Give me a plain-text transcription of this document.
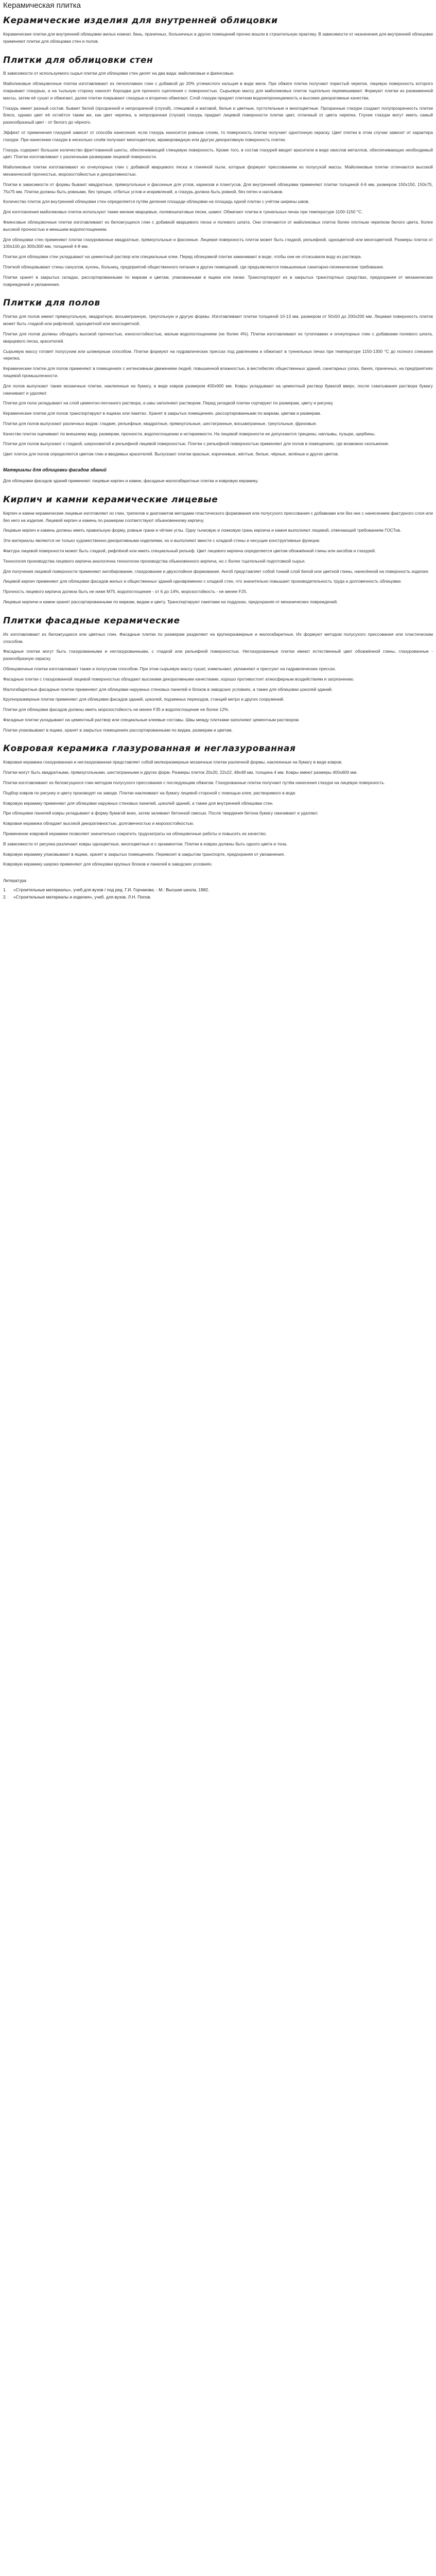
Керамическая плитка
Керамические изделия для внутренней облицовки

Керамические плитки для внутренней облицовки жилых комнат, бань, прачечных, больничных и других помещений прочно вошли в строительную практику. В зависимости от назначения для внутренней облицовки применяют плитки для облицовки стен и полов.

Плитки для облицовки стен

В зависимости от используемого сырья плитки для облицовки стен делят на два вида: майоликовые и фаянсовые.

Майоликовые облицовочные плитки изготавливают из легкоплавких глин с добавкой до 20% углекислого кальция в виде мела. При обжиге плитки получают пористый черепок, лицевую поверхность которого покрывают глазурью, а на тыльную сторону наносят бороздки для прочного сцепления с поверхностью. Сырьевую массу для майоликовых плиток тщательно перемешивают. Формуют плитки из разжиженной массы, затем её сушат и обжигают, далее плитки покрывают глазурью и вторично обжигают. Слой глазури придает плиткам водонепроницаемость и высокие декоративные качества.

Глазурь имеет разный состав: бывает белой (прозрачной и непрозрачной (глухой), глянцевой и матовой, белые и цветные, пустотельные и многоцветные. Прозрачные глазури создают полупрозрачность плитки блеск, однако цвет её остаётся таким же, как цвет черепка, а непрозрачная (глухая) глазурь придает лицевой поверхности плитки цвет, отличный от цвета черепка. Глухие глазури могут иметь самый разнообразный цвет - от белого до чёрного.

Эффект от применения глазурей зависит от способа нанесения: если глазурь наносится ровным слоем, то поверхность плитки получает однотонную окраску. Цвет плитки в этом случае зависит от характера глазури. При нанесении глазури в несколько слоёв получают многоцветную, мраморовидную или другую декоративную поверхность плитки.

Глазурь содержит большое количество фриттованной шихты, обеспечивающей глянцевую поверхность. Кроме того, в состав глазурей вводят красители в виде окислов металлов, обеспечивающих необходимый цвет. Плитки изготавливают с различными размерами лицевой поверхности.

Майоликовые плитки изготавливают из огнеупорных глин с добавкой кварцевого песка и глиняной пыли, которые формуют прессованием из полусухой массы. Майоликовые плитки отличаются высокой механической прочностью, морозостойкостью и декоративностью.

Плитки в зависимости от формы бывают квадратные, прямоугольные и фасонные для углов, карнизов и плинтусов. Для внутренней облицовки применяют плитки толщиной 4-6 мм, размером 150x150, 150x75, 75x75 мм. Плитки должны быть ровными, без трещин, отбитых углов и искривлений, а глазурь должна быть ровной, без пятен и наплывов.

Количество плиток для внутренней облицовки стен определяется путём деления площади облицовки на площадь одной плитки с учётом ширины швов.

Для изготовления майоликовых плиток используют также мелкие кварцевые, полевошпатовые пески, шамот. Обжигают плитки в туннельных печах при температуре 1100-1150 °С.

Фаянсовые облицовочные плитки изготавливают из беложгущихся глин с добавкой кварцевого песка и полевого шпата. Они отличаются от майоликовых плиток более плотным черепком белого цвета, более высокой прочностью и меньшим водопоглощением.

Для облицовки стен применяют плитки глазурованные квадратные, прямоугольные и фасонные. Лицевая поверхность плиток может быть гладкой, рельефной, одноцветной или многоцветной. Размеры плиток от 100x100 до 300x300 мм, толщиной 4-8 мм.

Плитки для облицовки стен укладывают на цементный раствор или специальные клеи. Перед облицовкой плитки замачивают в воде, чтобы они не отсасывали воду из раствора.

Плиткой облицовывают стены санузлов, кухонь, больниц, предприятий общественного питания и других помещений, где предъявляются повышенные санитарно-гигиенические требования.

Плитки хранят в закрытых складах, рассортированными по маркам и цветам, упакованными в ящики или пачки. Транспортируют их в закрытых транспортных средствах, предохраняя от механических повреждений и увлажнения.

Плитки для полов

Плитки для полов имеют прямоугольную, квадратную, восьмигранную, треугольную и другую формы. Изготавливают плитки толщиной 10-13 мм, размером от 50x50 до 200x200 мм. Лицевая поверхность плиток может быть гладкой или рифленой, одноцветной или многоцветной.

Плитки для полов должны обладать высокой прочностью, износостойкостью, малым водопоглощением (не более 4%). Плитки изготавливают из тугоплавких и огнеупорных глин с добавками полевого шпата, кварцевого песка, красителей.

Сырьевую массу готовят полусухим или шликерным способом. Плитки формуют на гидравлических прессах под давлением и обжигают в туннельных печах при температуре 1150-1300 °С до полного спекания черепка.

Керамические плитки для полов применяют в помещениях с интенсивным движением людей, повышенной влажностью, в вестибюлях общественных зданий, санитарных узлах, банях, прачечных, на предприятиях пищевой промышленности.

Для полов выпускают также мозаичные плитки, наклеенные на бумагу, в виде ковров размером 400x600 мм. Ковры укладывают на цементный раствор бумагой вверх, после схватывания раствора бумагу смачивают и удаляют.

Плитки для пола укладывают на слой цементно-песчаного раствора, а швы заполняют раствором. Перед укладкой плитки сортируют по размерам, цвету и рисунку.

Керамические плитки для полов транспортируют в ящиках или пакетах. Хранят в закрытых помещениях, рассортированными по маркам, цветам и размерам.

Плитки для полов выпускают различных видов: гладкие, рельефные, квадратные, прямоугольные, шестигранные, восьмигранные, треугольные, фризовые.

Качество плиток оценивают по внешнему виду, размерам, прочности, водопоглощению и истираемости. На лицевой поверхности не допускаются трещины, наплывы, пузыри, щербины.

Плитки для полов выпускают с гладкой, шероховатой и рельефной лицевой поверхностью. Плитки с рельефной поверхностью применяют для полов в помещениях, где возможно скольжение.

Цвет плиток для полов определяется цветом глин и вводимых красителей. Выпускают плитки красные, коричневые, жёлтые, белые, чёрные, зелёные и других цветов.

Материалы для облицовки фасадов зданий

Для облицовки фасадов зданий применяют лицевые кирпич и камни, фасадные малогабаритные плитки и ковровую керамику.

Кирпич и камни керамические лицевые

Кирпич и камни керамические лицевые изготовляют из глин, трепелов и диатомитов методами пластического формования или полусухого прессования с добавками или без них с нанесением фактурного слоя или без него на изделия. Лицевой кирпич и камень по размерам соответствуют обыкновенному кирпичу.

Лицевые кирпич и камень должны иметь правильную форму, ровные грани и чёткие углы. Одну тычковую и ложковую грань кирпича и камня выполняют лицевой, отвечающей требованиям ГОСТов.

Эти материалы являются не только художественно-декоративными изделиями, но и выполняют вместе с кладкой стены и несущие конструктивные функции.

Фактура лицевой поверхности может быть гладкой, рифлёной или иметь специальный рельеф. Цвет лицевого кирпича определяется цветом обожжённой глины или ангобов и глазурей.

Технология производства лицевого кирпича аналогична технологии производства обыкновенного кирпича, но с более тщательной подготовкой сырья.

Для получения лицевой поверхности применяют ангобирование, глазурование и двухслойное формование. Ангоб представляет собой тонкий слой белой или цветной глины, нанесённой на поверхность изделия.

Лицевой кирпич применяют для облицовки фасадов жилых и общественных зданий одновременно с кладкой стен, что значительно повышает производительность труда и долговечность облицовки.

Прочность лицевого кирпича должна быть не ниже М75, водопоглощение - от 6 до 14%, морозостойкость - не менее F25.

Лицевые кирпичи и камни хранят рассортированными по маркам, видам и цвету. Транспортируют пакетами на поддонах, предохраняя от механических повреждений.

Плитки фасадные керамические

Их изготавливают из беложгущихся или цветных глин. Фасадные плитки по размерам разделяют на крупноразмерные и малогабаритные. Их формуют методом полусухого прессования или пластическим способом.

Фасадные плитки могут быть глазурованными и неглазурованными, с гладкой или рельефной поверхностью. Неглазурованные плитки имеют естественный цвет обожжённой глины, глазурованные - разнообразную окраску.

Облицовочные плитки изготавливают также и полусухим способом. При этом сырьевую массу сушат, измельчают, увлажняют и прессуют на гидравлических прессах.

Фасадные плитки с глазурованной лицевой поверхностью обладают высокими декоративными качествами, хорошо противостоят атмосферным воздействиям и загрязнению.

Малогабаритные фасадные плитки применяют для облицовки наружных стеновых панелей и блоков в заводских условиях, а также для облицовки цоколей зданий.

Крупноразмерные плитки применяют для облицовки фасадов зданий, цоколей, подземных переходов, станций метро и других сооружений.

Плитки для облицовки фасадов должны иметь морозостойкость не менее F35 и водопоглощение не более 12%.

Фасадные плитки укладывают на цементный раствор или специальные клеевые составы. Швы между плитками заполняют цементным раствором.

Плитки упаковывают в ящики, хранят в закрытых помещениях рассортированными по видам, размерам и цветам.

Ковровая керамика глазурованная и неглазурованная

Ковровая керамика глазурованная и неглазурованная представляет собой мелкоразмерные мозаичные плитки различной формы, наклеенные на бумагу в виде ковров.

Плитки могут быть квадратными, прямоугольными, шестигранными и других форм. Размеры плиток 20x20, 22x22, 48x48 мм, толщина 4 мм. Ковры имеют размеры 400x600 мм.

Плитки изготавливают из беложгущихся глин методом полусухого прессования с последующим обжигом. Глазурованные плитки получают путём нанесения глазури на лицевую поверхность.

Подбор ковров по рисунку и цвету производят на заводе. Плитки наклеивают на бумагу лицевой стороной с помощью клея, растворимого в воде.

Ковровую керамику применяют для облицовки наружных стеновых панелей, цоколей зданий, а также для внутренней облицовки стен.

При облицовке панелей ковры укладывают в форму бумагой вниз, затем заливают бетонной смесью. После твердения бетона бумагу смачивают и удаляют.

Ковровая керамика обладает высокой декоративностью, долговечностью и морозостойкостью.

Применение ковровой керамики позволяет значительно сократить трудозатраты на облицовочные работы и повысить их качество.

В зависимости от рисунка различают ковры одноцветные, многоцветные и с орнаментом. Плитки в коврах должны быть одного цвета и тона.

Ковровую керамику упаковывают в ящики, хранят в закрытых помещениях. Перевозят в закрытом транспорте, предохраняя от увлажнения.

Ковровую керамику широко применяют для облицовки крупных блоков и панелей в заводских условиях.

Литература
1.	«Строительные материалы», учеб.для вузов / под ред. Г.И. Горчакова. - М.: Высшая школа, 1982.
2.	«Строительные материалы и изделия», учеб. для вузов, Л.Н. Попов.
